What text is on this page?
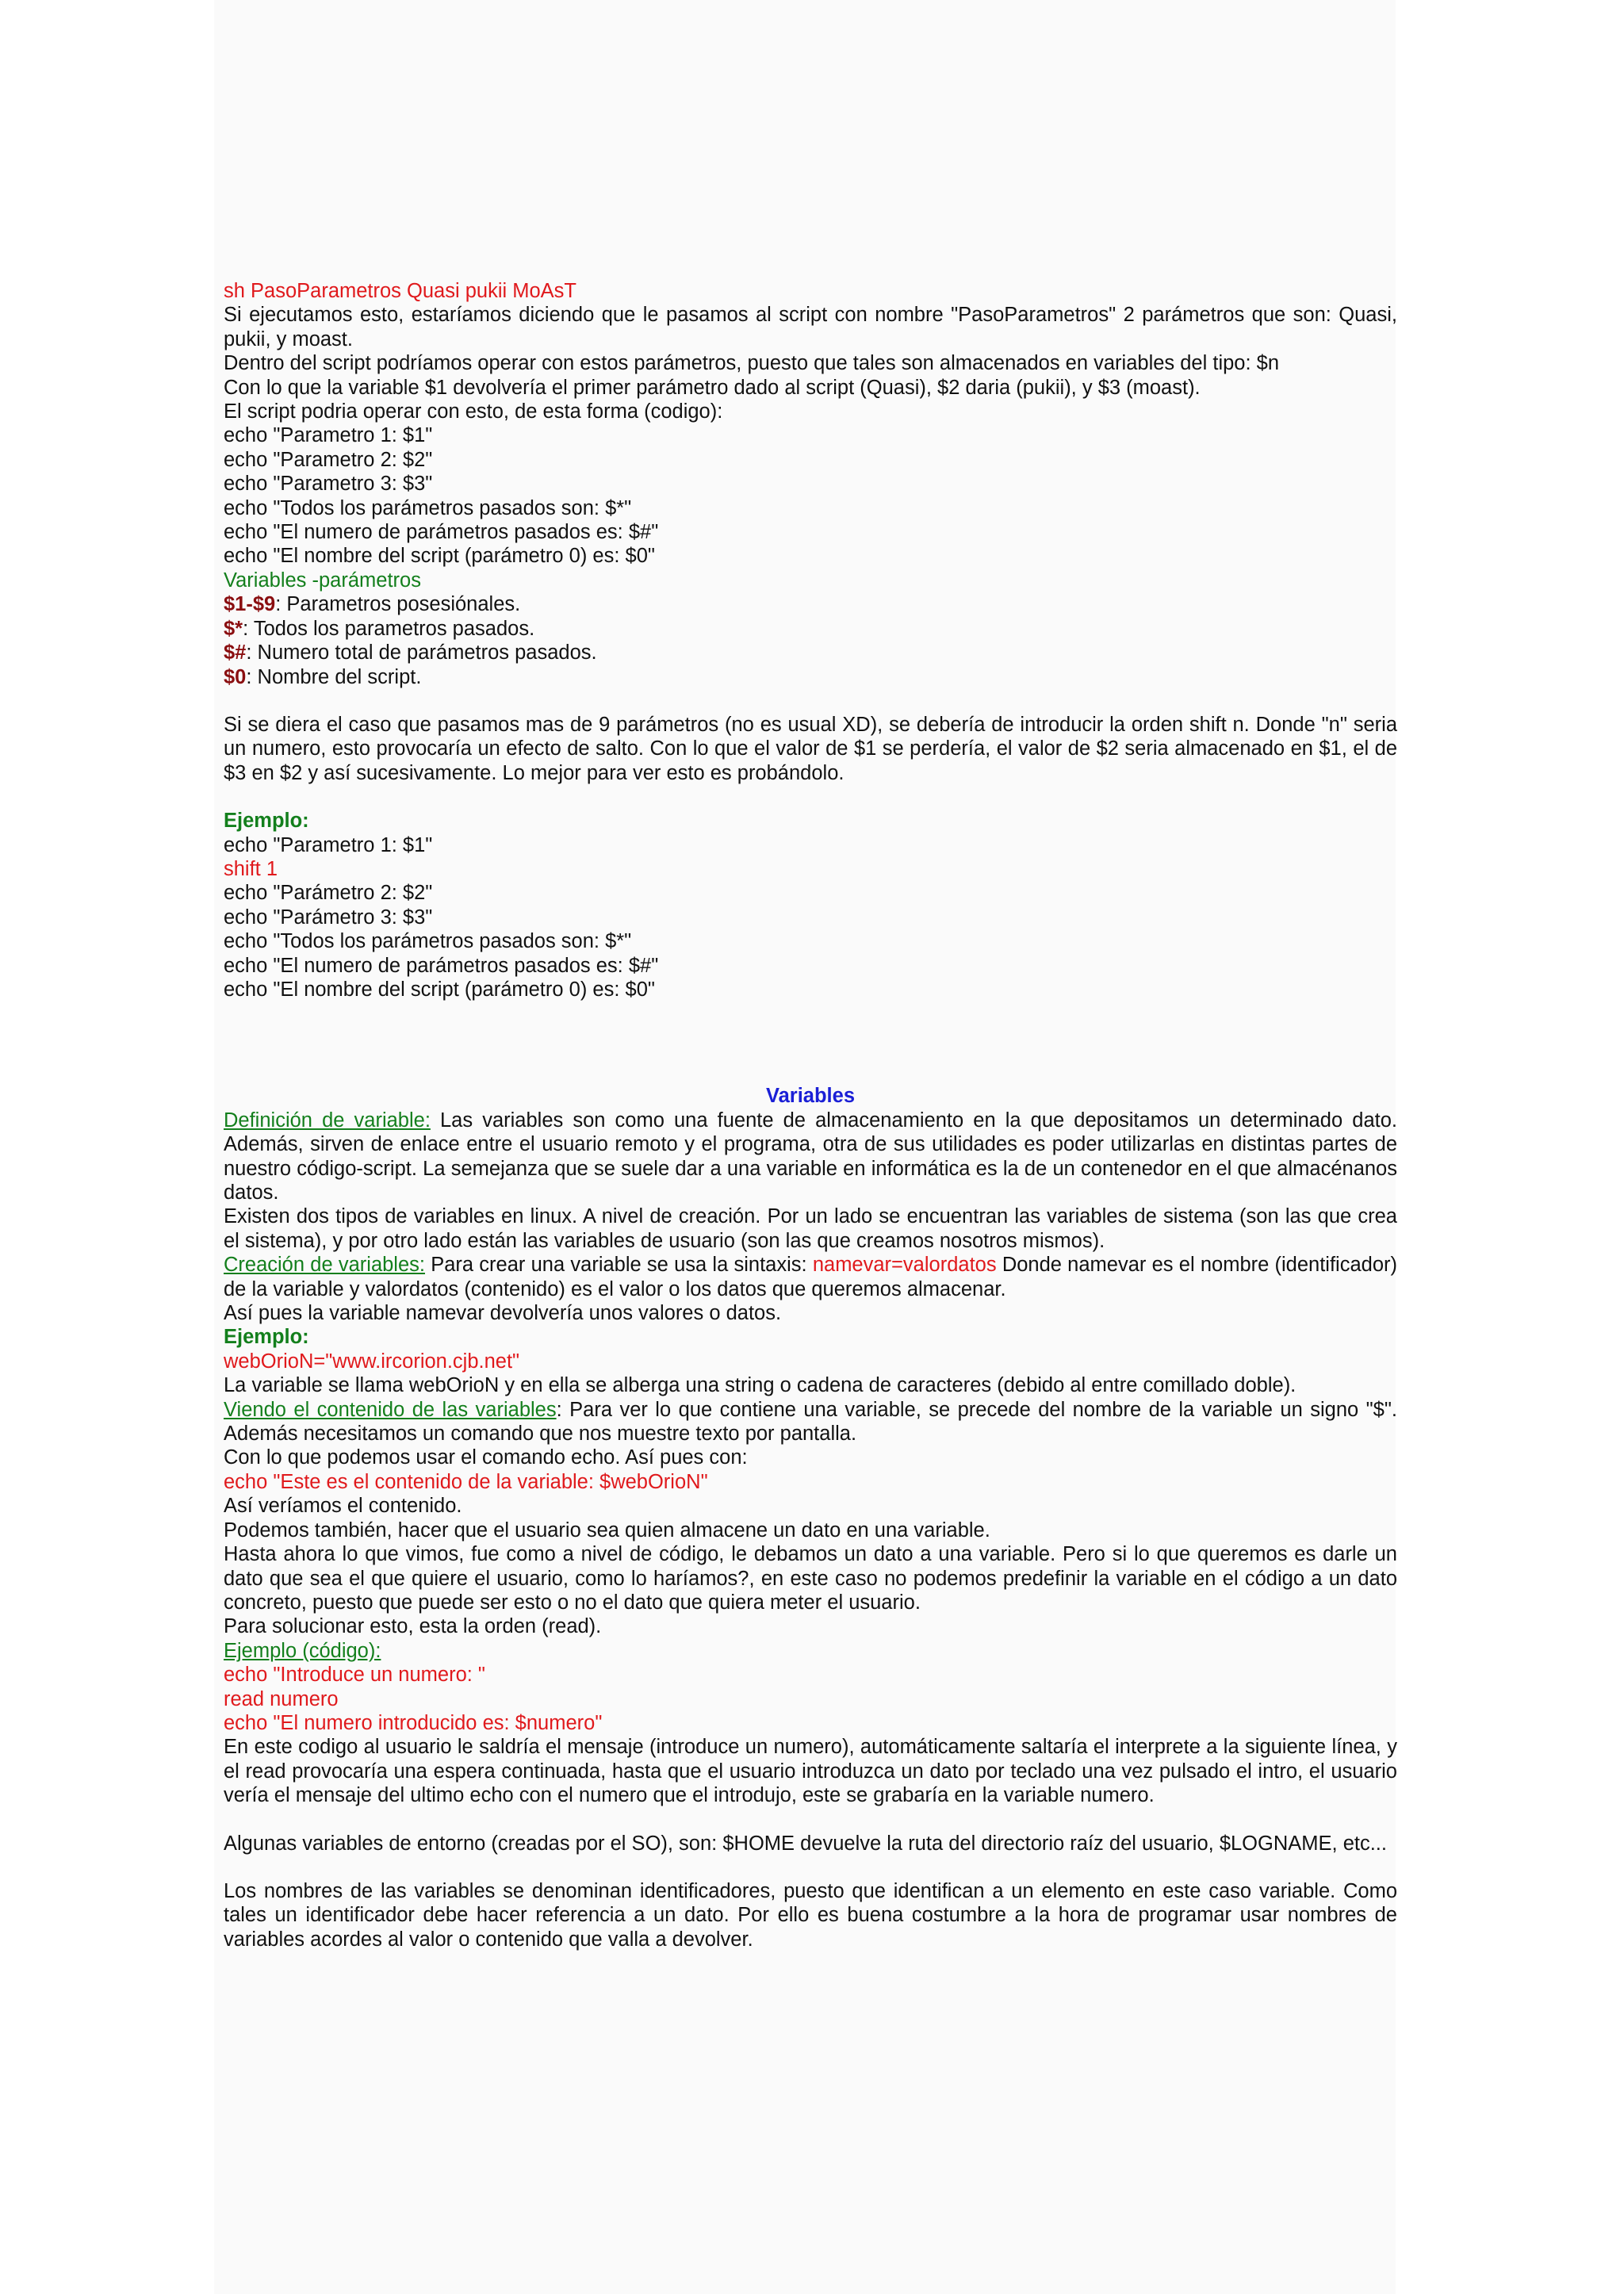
sh PasoParametros Quasi pukii MoAsT

Si ejecutamos esto, estaríamos diciendo que le pasamos al script con nombre "PasoParametros" 2 parámetros que son: Quasi, pukii, y moast.

Dentro del script podríamos operar con estos parámetros, puesto que tales son almacenados en variables del tipo: $n

Con lo que la variable $1 devolvería el primer parámetro dado al script (Quasi), $2 daria (pukii), y $3 (moast).

El script podria operar con esto, de esta forma (codigo):

echo "Parametro 1: $1"

echo "Parametro 2: $2"

echo "Parametro 3: $3"

echo "Todos los parámetros pasados son: $*"

echo "El numero de parámetros pasados es: $#"

echo "El nombre del script (parámetro 0) es: $0"

Variables -parámetros

$1-$9: Parametros posesiónales.

$*: Todos los parametros pasados.

$#: Numero total de parámetros pasados.

$0: Nombre del script.

Si se diera el caso que pasamos mas de 9 parámetros (no es usual XD), se debería de introducir la orden shift n. Donde "n" seria un numero, esto provocaría un efecto de salto. Con lo que el valor de $1 se perdería, el valor de $2 seria almacenado en $1, el de $3 en $2 y así sucesivamente. Lo mejor para ver esto es probándolo.

Ejemplo:

echo "Parametro 1: $1"

shift 1

echo "Parámetro 2: $2"

echo "Parámetro 3: $3"

echo "Todos los parámetros pasados son: $*"

echo "El numero de parámetros pasados es: $#"

echo "El nombre del script (parámetro 0) es: $0"

Variables

Definición de variable: Las variables son como una fuente de almacenamiento en la que depositamos un determinado dato. Además, sirven de enlace entre el usuario remoto y el programa, otra de sus utilidades es poder utilizarlas en distintas partes de nuestro código-script. La semejanza que se suele dar a una variable en informática es la de un contenedor en el que almacénanos datos.

Existen dos tipos de variables en linux. A nivel de creación. Por un lado se encuentran las variables de sistema (son las que crea el sistema), y por otro lado están las variables de usuario (son las que creamos nosotros mismos).

Creación de variables: Para crear una variable se usa la sintaxis: namevar=valordatos Donde namevar es el nombre (identificador) de la variable y valordatos (contenido) es el valor o los datos que queremos almacenar.

Así pues la variable namevar devolvería unos valores o datos.

Ejemplo:

webOrioN="www.ircorion.cjb.net"

La variable se llama webOrioN y en ella se alberga una string o cadena de caracteres (debido al entre comillado doble).

Viendo el contenido de las variables: Para ver lo que contiene una variable, se precede del nombre de la variable un signo "$". Además necesitamos un comando que nos muestre texto por pantalla.

Con lo que podemos usar el comando echo. Así pues con:

echo "Este es el contenido de la variable: $webOrioN"

Así veríamos el contenido.

Podemos también, hacer que el usuario sea quien almacene un dato en una variable.

Hasta ahora lo que vimos, fue como a nivel de código, le debamos un dato a una variable. Pero si lo que queremos es darle un dato que sea el que quiere el usuario, como lo haríamos?, en este caso no podemos predefinir la variable en el código a un dato concreto, puesto que puede ser esto o no el dato que quiera meter el usuario.

Para solucionar esto, esta la orden (read).

Ejemplo (código):

echo "Introduce un numero: "

read numero

echo "El numero introducido es: $numero"

En este codigo al usuario le saldría el mensaje (introduce un numero), automáticamente saltaría el interprete a la siguiente línea, y el read provocaría una espera continuada, hasta que el usuario introduzca un dato por teclado una vez pulsado el intro, el usuario vería el mensaje del ultimo echo con el numero que el introdujo, este se grabaría en la variable numero.

Algunas variables de entorno (creadas por el SO), son: $HOME devuelve la ruta del directorio raíz del usuario, $LOGNAME, etc...

Los nombres de las variables se denominan identificadores, puesto que identifican a un elemento en este caso variable. Como tales un identificador debe hacer referencia a un dato. Por ello es buena costumbre a la hora de programar usar nombres de variables acordes al valor o contenido que valla a devolver.
